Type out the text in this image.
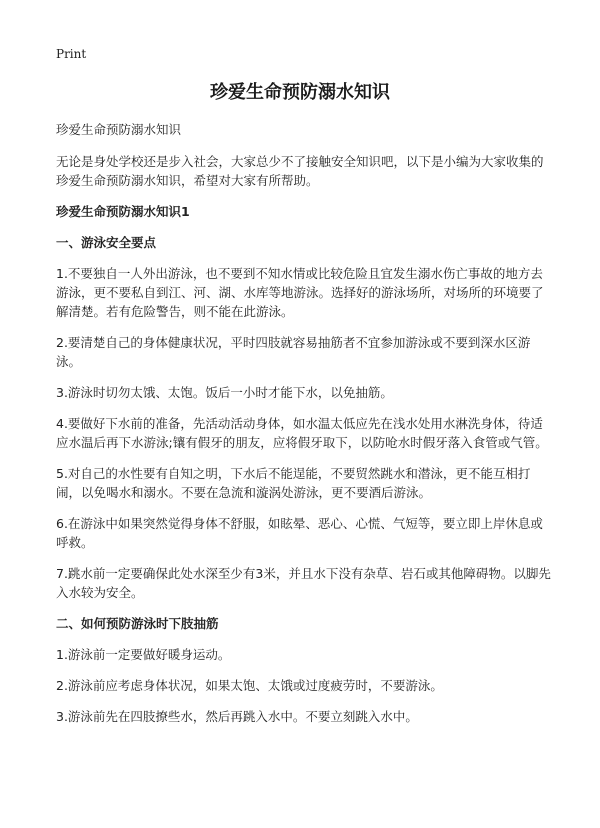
Print
珍爱生命预防溺水知识

珍爱生命预防溺水知识

无论是身处学校还是步入社会，大家总少不了接触安全知识吧，以下是小编为大家收集的珍爱生命预防溺水知识，希望对大家有所帮助。

珍爱生命预防溺水知识1

一、游泳安全要点

1.不要独自一人外出游泳，也不要到不知水情或比较危险且宜发生溺水伤亡事故的地方去游泳，更不要私自到江、河、湖、水库等地游泳。选择好的游泳场所，对场所的环境要了解清楚。若有危险警告，则不能在此游泳。

2.要清楚自己的身体健康状况，平时四肢就容易抽筋者不宜参加游泳或不要到深水区游泳。

3.游泳时切勿太饿、太饱。饭后一小时才能下水，以免抽筋。

4.要做好下水前的准备，先活动活动身体，如水温太低应先在浅水处用水淋洗身体，待适应水温后再下水游泳;镶有假牙的朋友，应将假牙取下，以防呛水时假牙落入食管或气管。

5.对自己的水性要有自知之明，下水后不能逞能，不要贸然跳水和潜泳，更不能互相打闹，以免喝水和溺水。不要在急流和漩涡处游泳，更不要酒后游泳。

6.在游泳中如果突然觉得身体不舒服，如眩晕、恶心、心慌、气短等，要立即上岸休息或呼救。

7.跳水前一定要确保此处水深至少有3米，并且水下没有杂草、岩石或其他障碍物。以脚先入水较为安全。

二、如何预防游泳时下肢抽筋

1.游泳前一定要做好暖身运动。

2.游泳前应考虑身体状况，如果太饱、太饿或过度疲劳时，不要游泳。

3.游泳前先在四肢撩些水，然后再跳入水中。不要立刻跳入水中。
